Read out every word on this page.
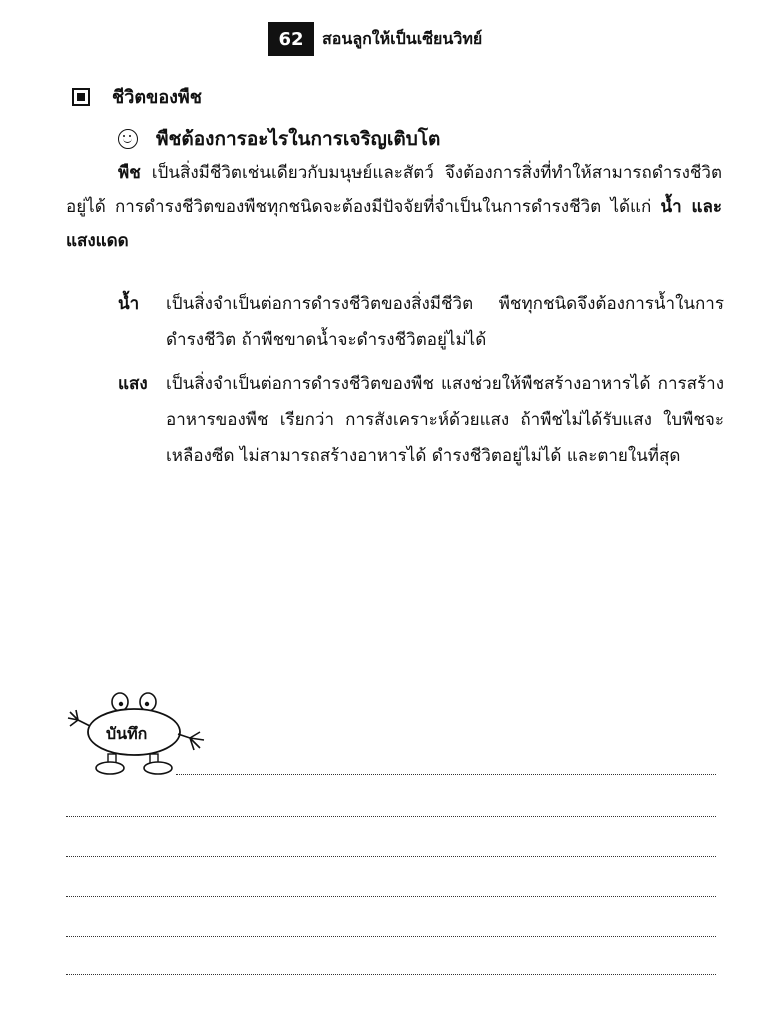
62	สอนลูกให้เป็นเซียนวิทย์
ชีวิตของพืช
พืชต้องการอะไรในการเจริญเติบโต
พืช เป็นสิ่งมีชีวิตเช่นเดียวกับมนุษย์และสัตว์ จึงต้องการสิ่งที่ทำให้สามารถดำรงชีวิตอยู่ได้ การดำรงชีวิตของพืชทุกชนิดจะต้องมีปัจจัยที่จำเป็นในการดำรงชีวิต ได้แก่ น้ำ และแสงแดด
น้ำ	เป็นสิ่งจำเป็นต่อการดำรงชีวิตของสิ่งมีชีวิต พืชทุกชนิดจึงต้องการน้ำในการดำรงชีวิต ถ้าพืชขาดน้ำจะดำรงชีวิตอยู่ไม่ได้
แสง	เป็นสิ่งจำเป็นต่อการดำรงชีวิตของพืช แสงช่วยให้พืชสร้างอาหารได้ การสร้างอาหารของพืช เรียกว่า การสังเคราะห์ด้วยแสง ถ้าพืชไม่ได้รับแสง ใบพืชจะเหลืองซีด ไม่สามารถสร้างอาหารได้ ดำรงชีวิตอยู่ไม่ได้ และตายในที่สุด
บันทึก
